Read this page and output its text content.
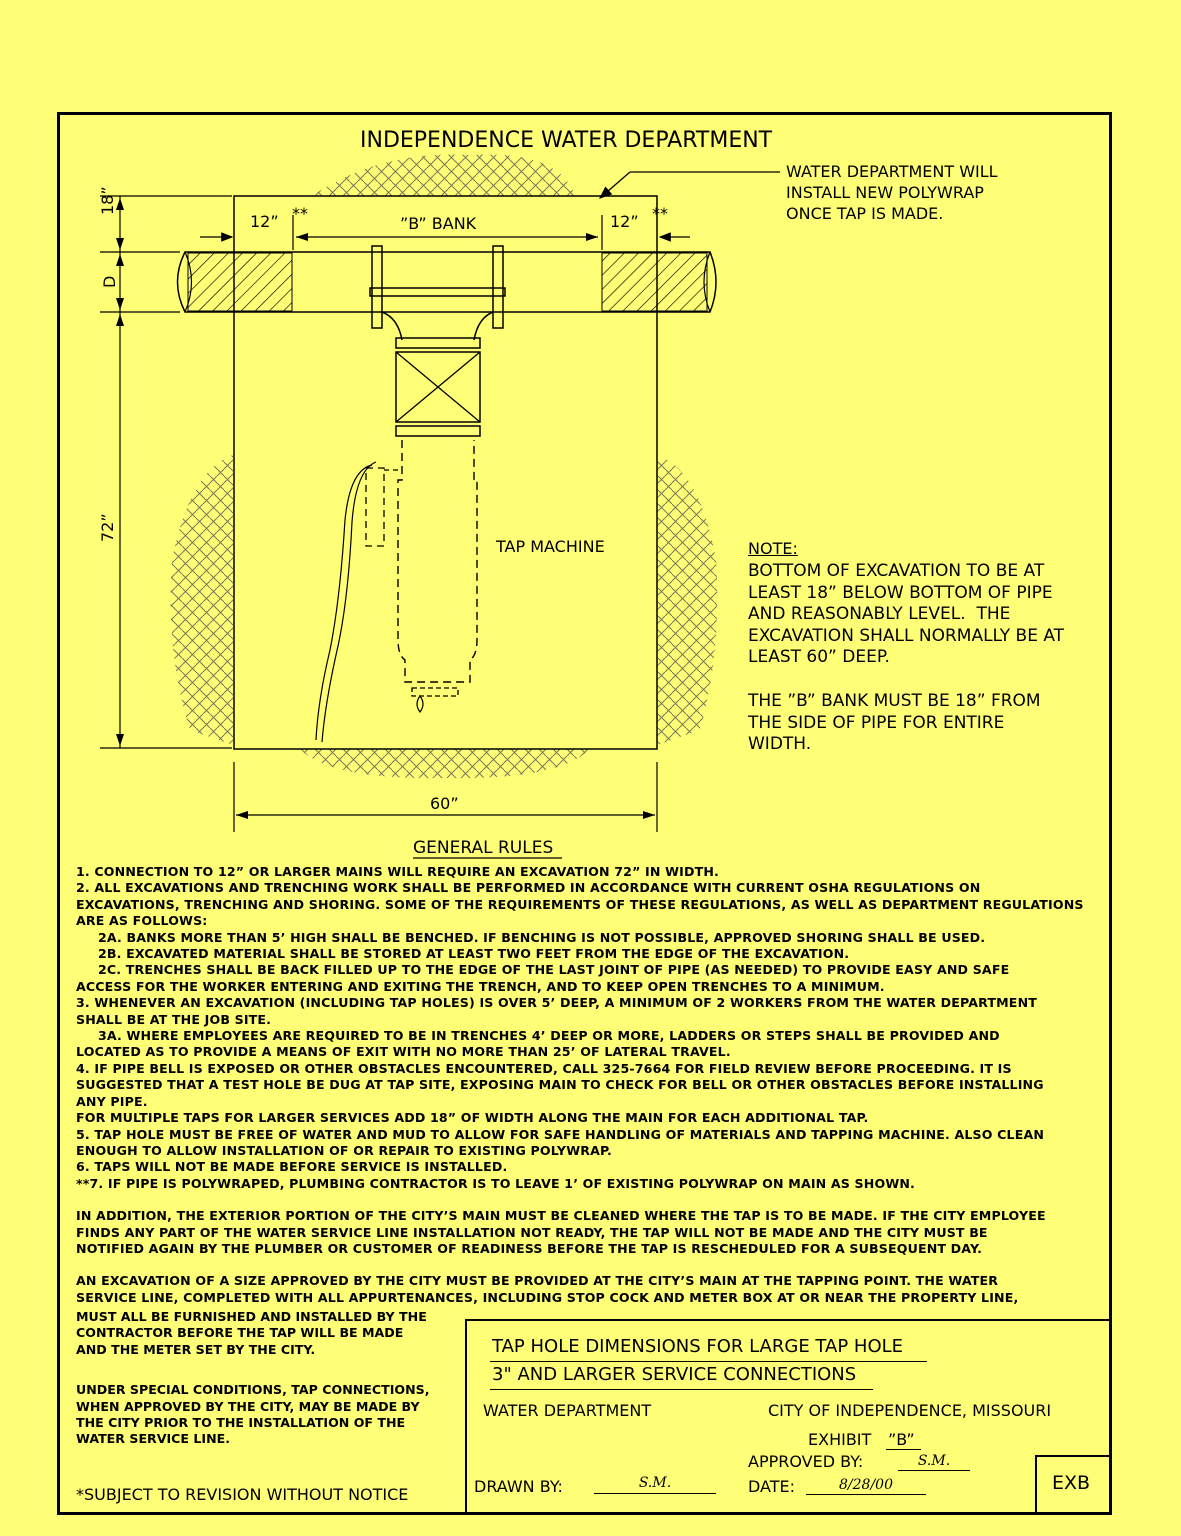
INDEPENDENCE WATER DEPARTMENT
WATER DEPARTMENT WILL
INSTALL NEW POLYWRAP
ONCE TAP IS MADE.
12” **
”B” BANK	12” **
18”
D
72”
60”
TAP MACHINE	NOTE:
BOTTOM OF EXCAVATION TO BE AT
LEAST 18” BELOW BOTTOM OF PIPE
AND REASONABLY LEVEL.  THE
EXCAVATION SHALL NORMALLY BE AT
LEAST 60” DEEP.
THE ”B” BANK MUST BE 18” FROM
THE SIDE OF PIPE FOR ENTIRE
WIDTH.
GENERAL RULES
1. CONNECTION TO 12” OR LARGER MAINS WILL REQUIRE AN EXCAVATION 72” IN WIDTH.
2. ALL EXCAVATIONS AND TRENCHING WORK SHALL BE PERFORMED IN ACCORDANCE WITH CURRENT OSHA REGULATIONS ON
EXCAVATIONS, TRENCHING AND SHORING. SOME OF THE REQUIREMENTS OF THESE REGULATIONS, AS WELL AS DEPARTMENT REGULATIONS
ARE AS FOLLOWS:
2A. BANKS MORE THAN 5’ HIGH SHALL BE BENCHED. IF BENCHING IS NOT POSSIBLE, APPROVED SHORING SHALL BE USED.
2B. EXCAVATED MATERIAL SHALL BE STORED AT LEAST TWO FEET FROM THE EDGE OF THE EXCAVATION.
2C. TRENCHES SHALL BE BACK FILLED UP TO THE EDGE OF THE LAST JOINT OF PIPE (AS NEEDED) TO PROVIDE EASY AND SAFE
ACCESS FOR THE WORKER ENTERING AND EXITING THE TRENCH, AND TO KEEP OPEN TRENCHES TO A MINIMUM.
3. WHENEVER AN EXCAVATION (INCLUDING TAP HOLES) IS OVER 5’ DEEP, A MINIMUM OF 2 WORKERS FROM THE WATER DEPARTMENT
SHALL BE AT THE JOB SITE.
3A. WHERE EMPLOYEES ARE REQUIRED TO BE IN TRENCHES 4’ DEEP OR MORE, LADDERS OR STEPS SHALL BE PROVIDED AND
LOCATED AS TO PROVIDE A MEANS OF EXIT WITH NO MORE THAN 25’ OF LATERAL TRAVEL.
4. IF PIPE BELL IS EXPOSED OR OTHER OBSTACLES ENCOUNTERED, CALL 325-7664 FOR FIELD REVIEW BEFORE PROCEEDING. IT IS
SUGGESTED THAT A TEST HOLE BE DUG AT TAP SITE, EXPOSING MAIN TO CHECK FOR BELL OR OTHER OBSTACLES BEFORE INSTALLING
ANY PIPE.
FOR MULTIPLE TAPS FOR LARGER SERVICES ADD 18” OF WIDTH ALONG THE MAIN FOR EACH ADDITIONAL TAP.
5. TAP HOLE MUST BE FREE OF WATER AND MUD TO ALLOW FOR SAFE HANDLING OF MATERIALS AND TAPPING MACHINE. ALSO CLEAN
ENOUGH TO ALLOW INSTALLATION OF OR REPAIR TO EXISTING POLYWRAP.
6. TAPS WILL NOT BE MADE BEFORE SERVICE IS INSTALLED.
**7. IF PIPE IS POLYWRAPED, PLUMBING CONTRACTOR IS TO LEAVE 1’ OF EXISTING POLYWRAP ON MAIN AS SHOWN.
IN ADDITION, THE EXTERIOR PORTION OF THE CITY’S MAIN MUST BE CLEANED WHERE THE TAP IS TO BE MADE. IF THE CITY EMPLOYEE
FINDS ANY PART OF THE WATER SERVICE LINE INSTALLATION NOT READY, THE TAP WILL NOT BE MADE AND THE CITY MUST BE
NOTIFIED AGAIN BY THE PLUMBER OR CUSTOMER OF READINESS BEFORE THE TAP IS RESCHEDULED FOR A SUBSEQUENT DAY.
AN EXCAVATION OF A SIZE APPROVED BY THE CITY MUST BE PROVIDED AT THE CITY’S MAIN AT THE TAPPING POINT. THE WATER
SERVICE LINE, COMPLETED WITH ALL APPURTENANCES, INCLUDING STOP COCK AND METER BOX AT OR NEAR THE PROPERTY LINE,
MUST ALL BE FURNISHED AND INSTALLED BY THE
CONTRACTOR BEFORE THE TAP WILL BE MADE
AND THE METER SET BY THE CITY.
UNDER SPECIAL CONDITIONS, TAP CONNECTIONS,
WHEN APPROVED BY THE CITY, MAY BE MADE BY
THE CITY PRIOR TO THE INSTALLATION OF THE
WATER SERVICE LINE.
*SUBJECT TO REVISION WITHOUT NOTICE
TAP HOLE DIMENSIONS FOR LARGE TAP HOLE
3" AND LARGER SERVICE CONNECTIONS
WATER DEPARTMENT	CITY OF INDEPENDENCE, MISSOURI
EXHIBIT ”B”
APPROVED BY:	S.M.
DRAWN BY:	S.M.	DATE:	8/28/00	EXB
